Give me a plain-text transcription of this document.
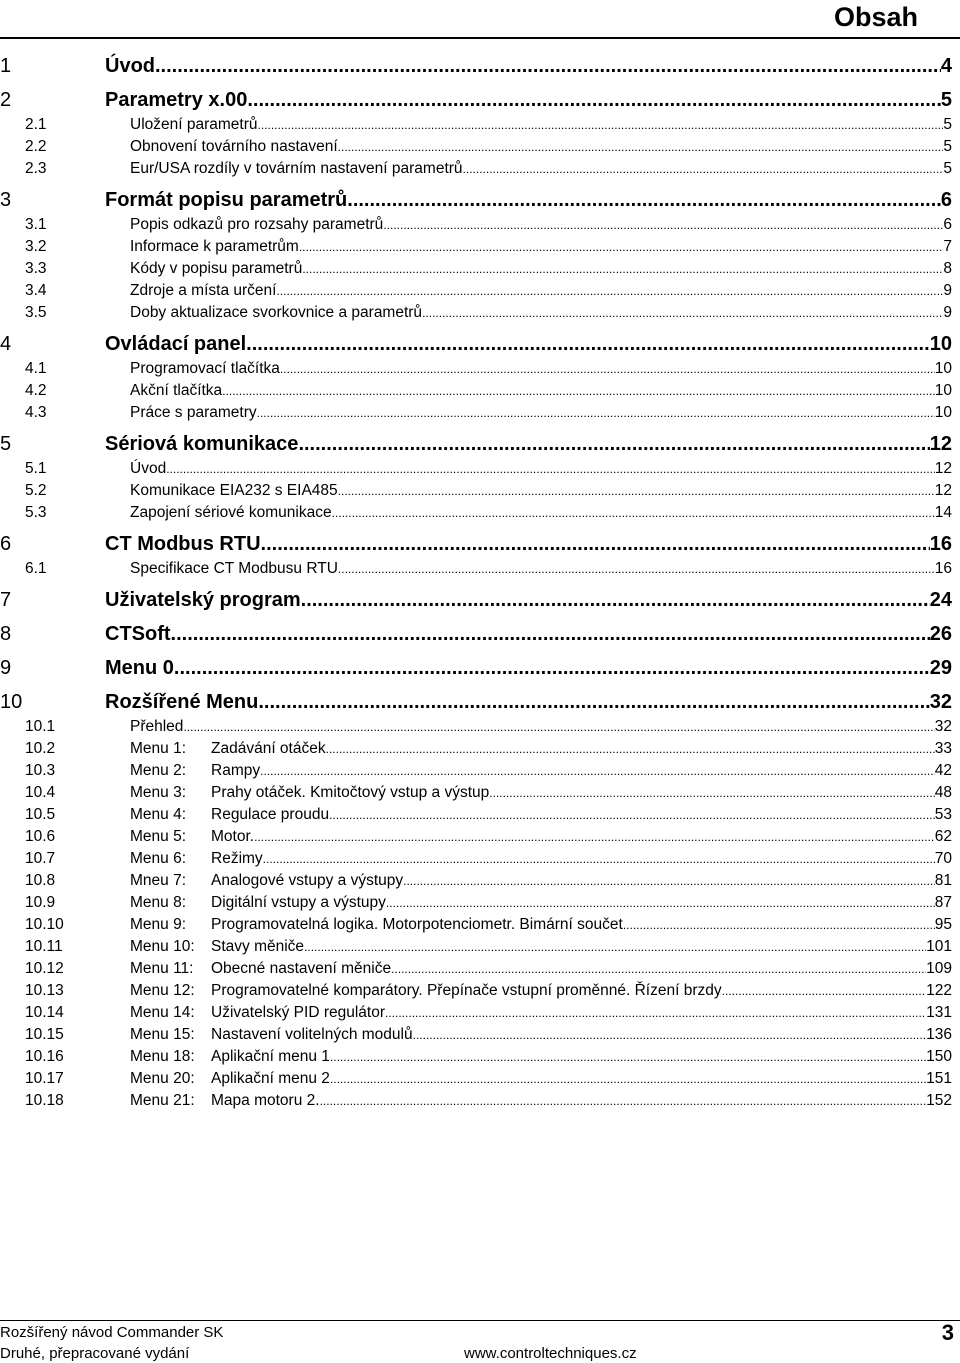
Obsah
1	Úvod .....	4
2	Parametry x.00 .....	5
2.1	Uložení parametrů .....	5
2.2	Obnovení továrního nastavení .....	5
2.3	Eur/USA rozdíly v továrním nastavení parametrů .....	5
3	Formát popisu parametrů .....	6
3.1	Popis odkazů pro rozsahy parametrů .....	6
3.2	Informace k parametrům .....	7
3.3	Kódy v popisu parametrů .....	8
3.4	Zdroje a místa určení .....	9
3.5	Doby aktualizace svorkovnice a parametrů .....	9
4	Ovládací panel .....	10
4.1	Programovací tlačítka .....	10
4.2	Akční tlačítka .....	10
4.3	Práce s parametry .....	10
5	Sériová komunikace .....	12
5.1	Úvod .....	12
5.2	Komunikace EIA232 s EIA485 .....	12
5.3	Zapojení sériové komunikace .....	14
6	CT Modbus RTU .....	16
6.1	Specifikace CT Modbusu RTU .....	16
7	Uživatelský program .....	24
8	CTSoft .....	26
9	Menu 0 .....	29
10	Rozšířené Menu .....	32
10.1	Přehled .....	32
10.2	Menu 1: Zadávání otáček .....	33
10.3	Menu 2: Rampy .....	42
10.4	Menu 3: Prahy otáček. Kmitočtový vstup a výstup .....	48
10.5	Menu 4: Regulace proudu .....	53
10.6	Menu 5: Motor. .....	62
10.7	Menu 6: Režimy .....	70
10.8	Mneu 7: Analogové vstupy a výstupy .....	81
10.9	Menu 8: Digitální vstupy a výstupy .....	87
10.10	Menu 9: Programovatelná logika. Motorpotenciometr. Bimární součet .....	95
10.11	Menu 10: Stavy měniče .....	101
10.12	Menu 11: Obecné nastavení měniče .....	109
10.13	Menu 12: Programovatelné komparátory. Přepínače vstupní proměnné. Řízení brzdy .....	122
10.14	Menu 14: Uživatelský PID regulátor .....	131
10.15	Menu 15: Nastavení volitelných modulů .....	136
10.16	Menu 18: Aplikační menu 1 .....	150
10.17	Menu 20: Aplikační menu 2 .....	151
10.18	Menu 21: Mapa motoru 2. .....	152
Rozšířený návod Commander SK
Druhé, přepracované vydání	www.controltechniques.cz
3
